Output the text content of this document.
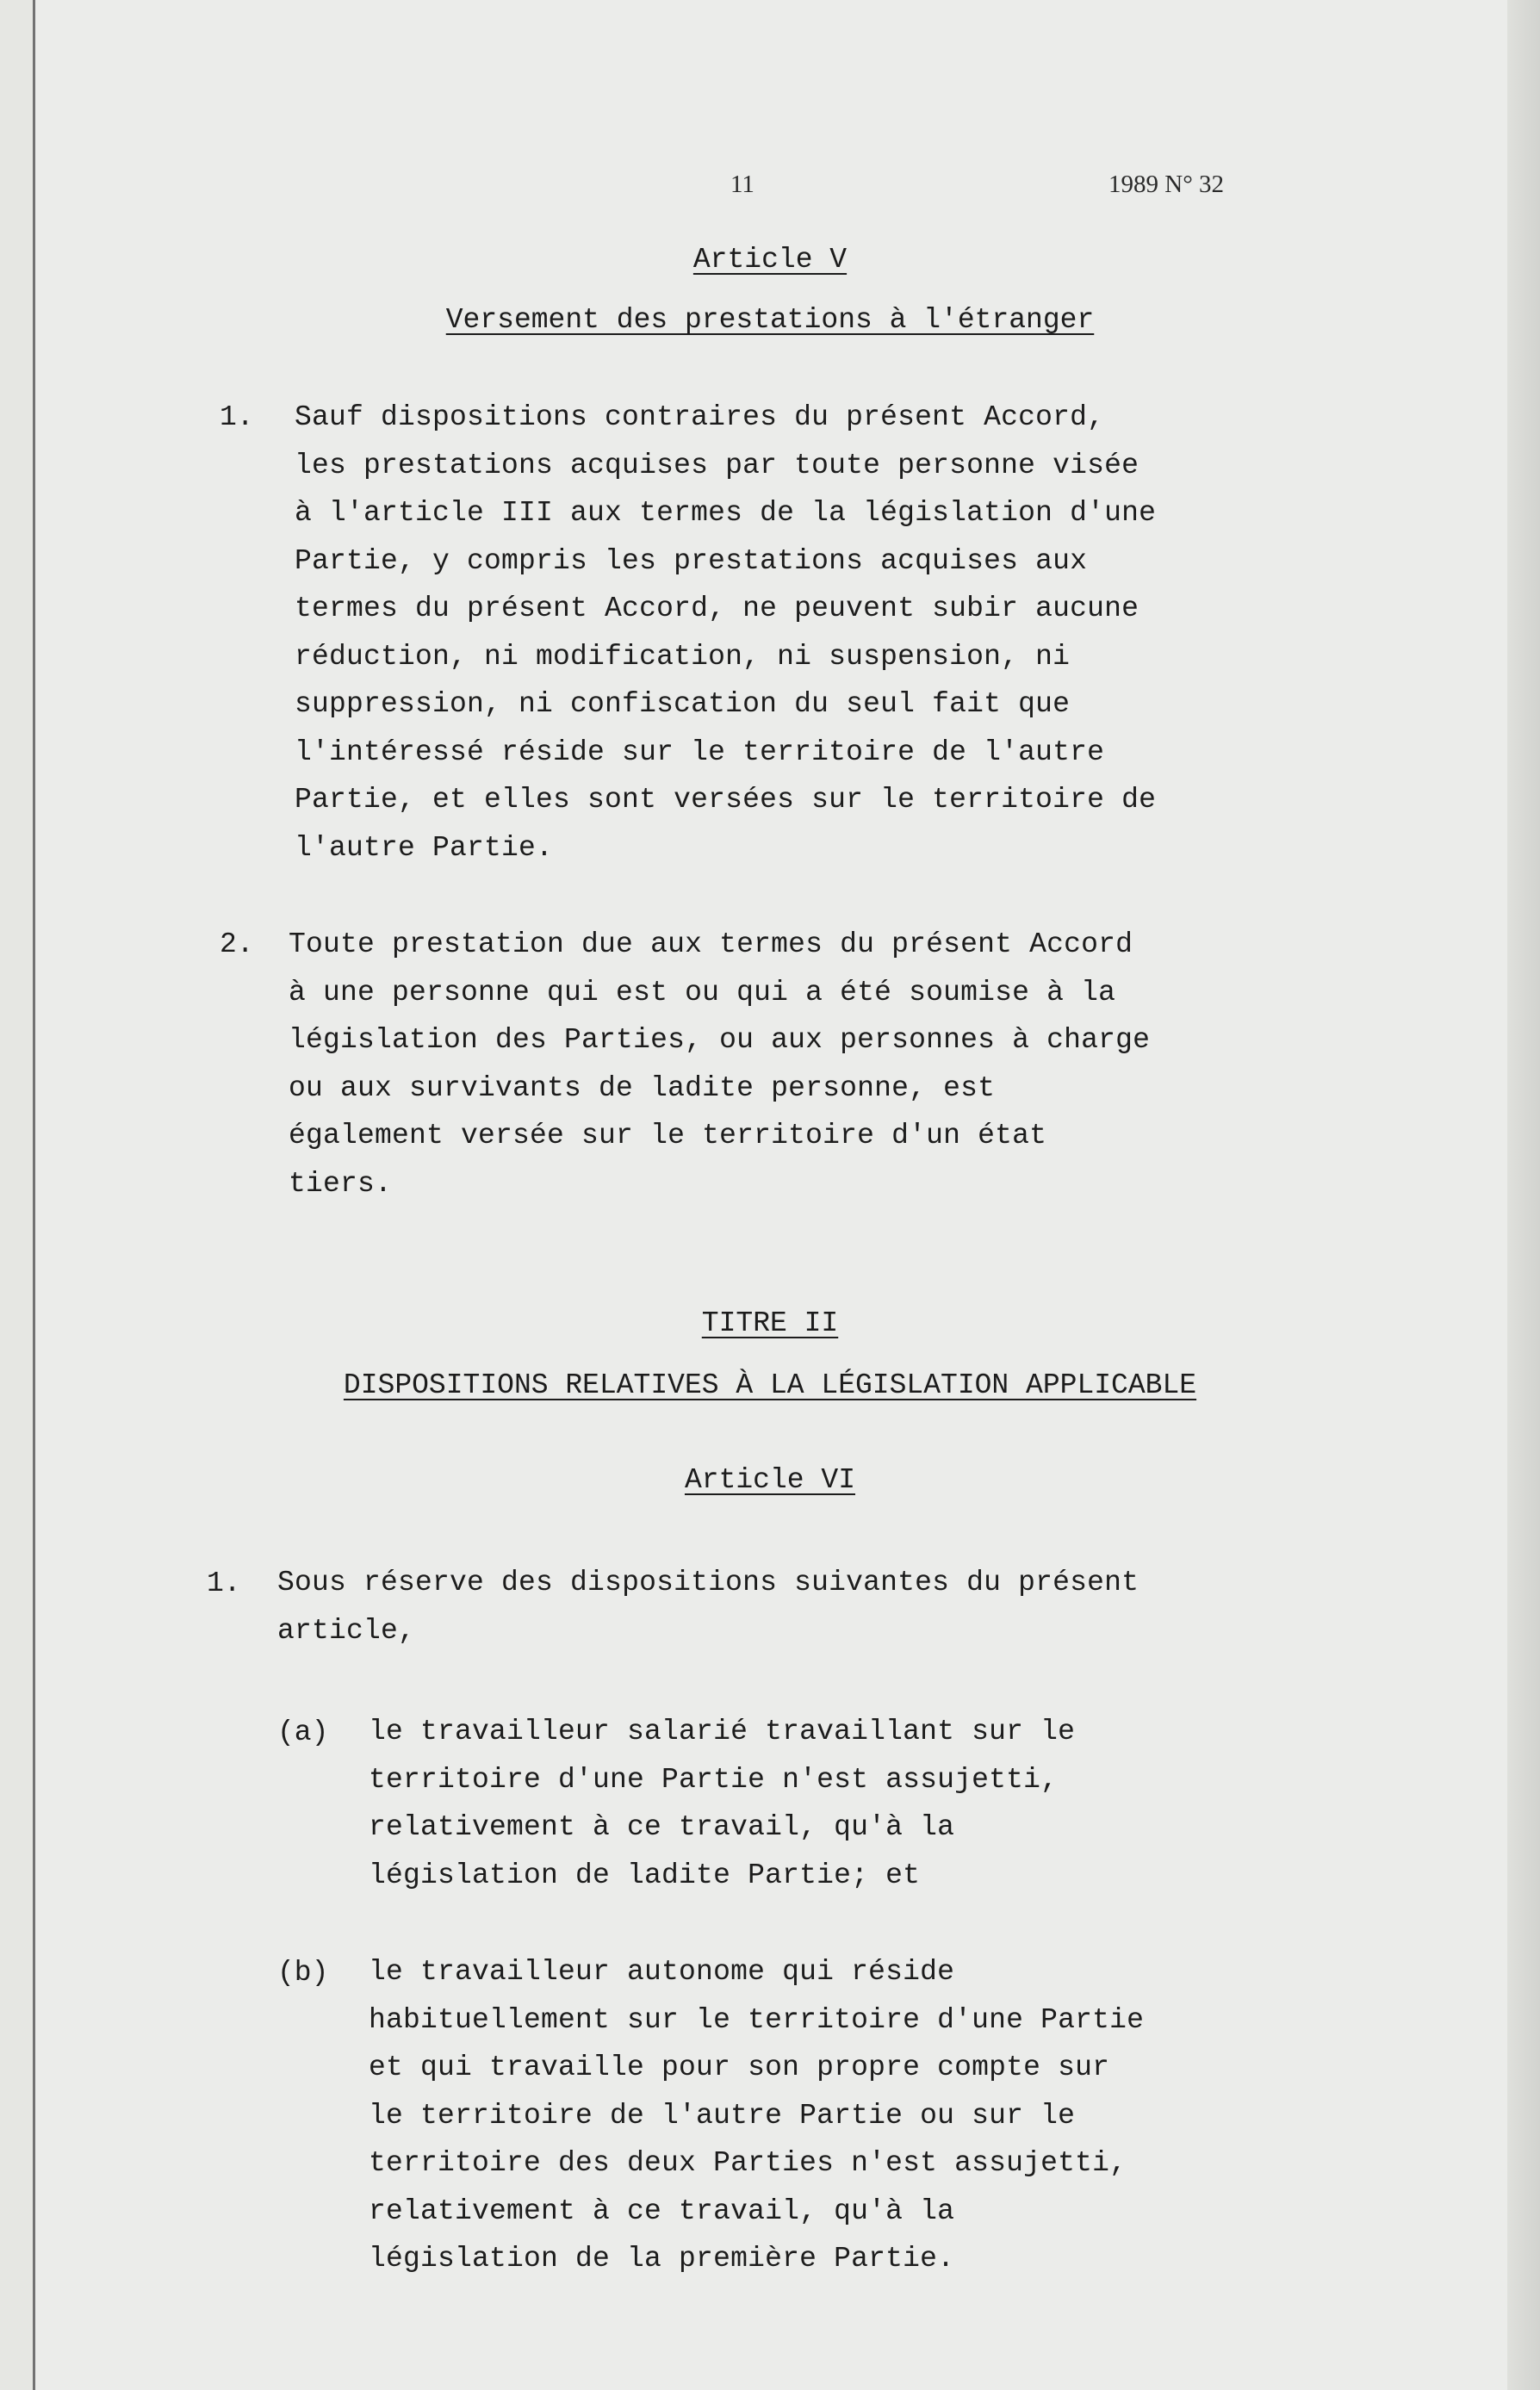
11	1989 N° 32
Article V
Versement des prestations à l'étranger
1. Sauf dispositions contraires du présent Accord,
les prestations acquises par toute personne visée
à l'article III aux termes de la législation d'une
Partie, y compris les prestations acquises aux
termes du présent Accord, ne peuvent subir aucune
réduction, ni modification, ni suspension, ni
suppression, ni confiscation du seul fait que
l'intéressé réside sur le territoire de l'autre
Partie, et elles sont versées sur le territoire de
l'autre Partie.
2. Toute prestation due aux termes du présent Accord
à une personne qui est ou qui a été soumise à la
législation des Parties, ou aux personnes à charge
ou aux survivants de ladite personne, est
également versée sur le territoire d'un état
tiers.
TITRE II
DISPOSITIONS RELATIVES À LA LÉGISLATION APPLICABLE
Article VI
1. Sous réserve des dispositions suivantes du présent
article,
(a) le travailleur salarié travaillant sur le
territoire d'une Partie n'est assujetti,
relativement à ce travail, qu'à la
législation de ladite Partie; et
(b) le travailleur autonome qui réside
habituellement sur le territoire d'une Partie
et qui travaille pour son propre compte sur
le territoire de l'autre Partie ou sur le
territoire des deux Parties n'est assujetti,
relativement à ce travail, qu'à la
législation de la première Partie.
